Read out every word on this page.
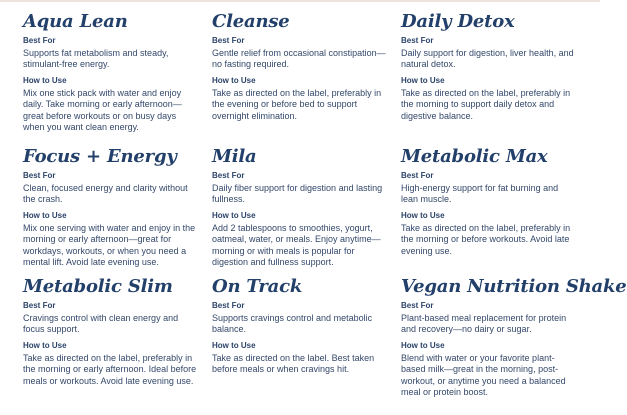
Aqua Lean
Best For

Supports fat metabolism and steady, stimulant-free energy.

How to Use

Mix one stick pack with water and enjoy daily. Take morning or early afternoon—great before workouts or on busy days when you want clean energy.

Cleanse
Best For

Gentle relief from occasional constipation—no fasting required.

How to Use

Take as directed on the label, preferably in the evening or before bed to support overnight elimination.

Daily Detox
Best For

Daily support for digestion, liver health, and natural detox.

How to Use

Take as directed on the label, preferably in the morning to support daily detox and digestive balance.

Focus + Energy
Best For

Clean, focused energy and clarity without the crash.

How to Use

Mix one serving with water and enjoy in the morning or early afternoon—great for workdays, workouts, or when you need a mental lift. Avoid late evening use.

Mila
Best For

Daily fiber support for digestion and lasting fullness.

How to Use

Add 2 tablespoons to smoothies, yogurt, oatmeal, water, or meals. Enjoy anytime—morning or with meals is popular for digestion and fullness support.

Metabolic Max
Best For

High-energy support for fat burning and lean muscle.

How to Use

Take as directed on the label, preferably in the morning or before workouts. Avoid late evening use.

Metabolic Slim
Best For

Cravings control with clean energy and focus support.

How to Use

Take as directed on the label, preferably in the morning or early afternoon. Ideal before meals or workouts. Avoid late evening use.

On Track
Best For

Supports cravings control and metabolic balance.

How to Use

Take as directed on the label. Best taken before meals or when cravings hit.

Vegan Nutrition Shake
Best For

Plant-based meal replacement for protein and recovery—no dairy or sugar.

How to Use

Blend with water or your favorite plant-based milk—great in the morning, post-workout, or anytime you need a balanced meal or protein boost.
